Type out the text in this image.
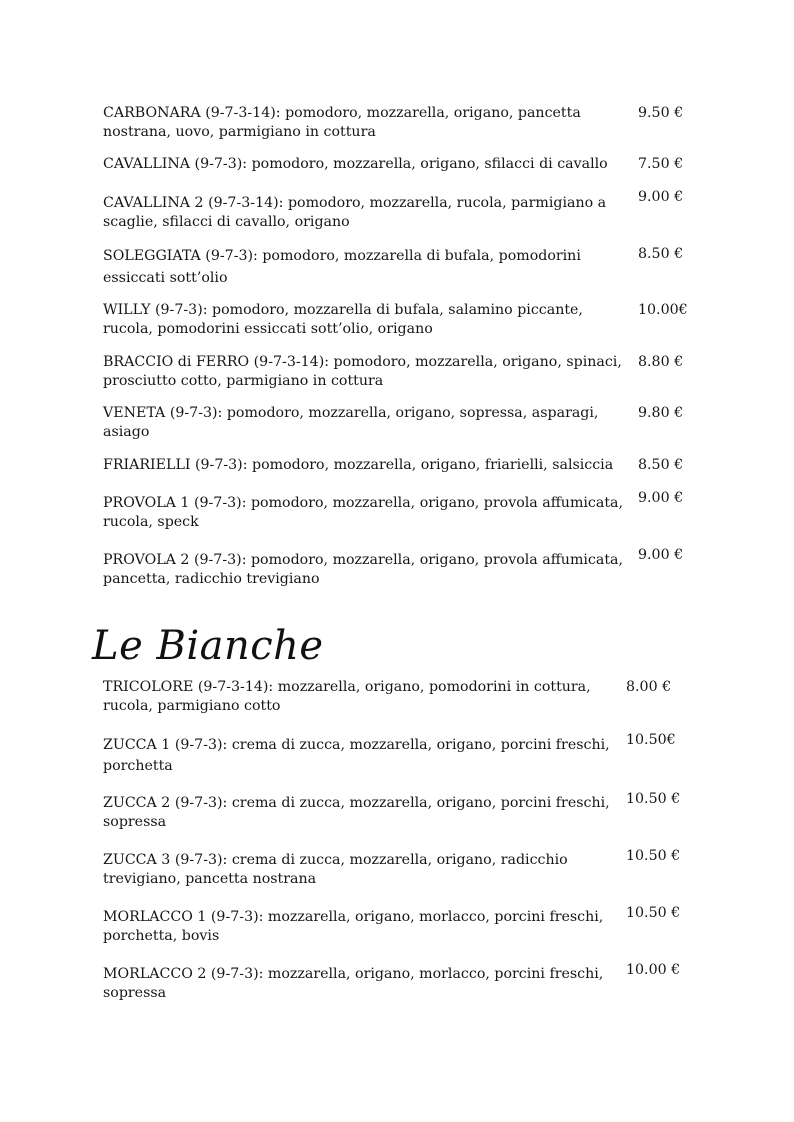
CARBONARA (9-7-3-14): pomodoro, mozzarella, origano, pancetta nostrana, uovo, parmigiano in cottura
9.50 €
CAVALLINA (9-7-3): pomodoro, mozzarella, origano, sfilacci di cavallo	7.50 €
CAVALLINA 2 (9-7-3-14): pomodoro, mozzarella, rucola, parmigiano a scaglie, sfilacci di cavallo, origano
9.00 €
SOLEGGIATA (9-7-3): pomodoro, mozzarella di bufala, pomodorini essiccati sott’olio
8.50 €
WILLY (9-7-3): pomodoro, mozzarella di bufala, salamino piccante, rucola, pomodorini essiccati sott’olio, origano
10.00€
BRACCIO di FERRO (9-7-3-14): pomodoro, mozzarella, origano, spinaci, prosciutto cotto, parmigiano in cottura
8.80 €
VENETA (9-7-3): pomodoro, mozzarella, origano, sopressa, asparagi, asiago
9.80 €
FRIARIELLI (9-7-3): pomodoro, mozzarella, origano, friarielli, salsiccia	8.50 €
PROVOLA 1 (9-7-3): pomodoro, mozzarella, origano, provola affumicata, rucola, speck
9.00 €
PROVOLA 2 (9-7-3): pomodoro, mozzarella, origano, provola affumicata, pancetta, radicchio trevigiano
9.00 €
Le Bianche
TRICOLORE (9-7-3-14): mozzarella, origano, pomodorini in cottura, rucola, parmigiano cotto
8.00 €
ZUCCA 1 (9-7-3): crema di zucca, mozzarella, origano, porcini freschi, porchetta
10.50€
ZUCCA 2 (9-7-3): crema di zucca, mozzarella, origano, porcini freschi, sopressa
10.50 €
ZUCCA 3 (9-7-3): crema di zucca, mozzarella, origano, radicchio trevigiano, pancetta nostrana
10.50 €
MORLACCO 1 (9-7-3): mozzarella, origano, morlacco, porcini freschi, porchetta, bovis
10.50 €
MORLACCO 2 (9-7-3): mozzarella, origano, morlacco, porcini freschi, sopressa
10.00 €
